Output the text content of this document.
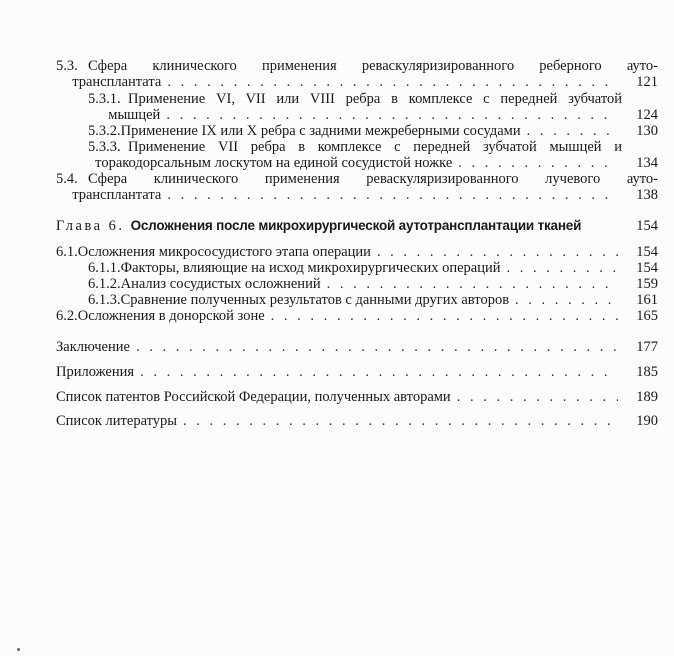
5.3. Сфера клинического применения реваскуляризированного реберного ауто-
трансплантата . . .	121
5.3.1. Применение VI, VII или VIII ребра в комплексе с передней зубчатой
мышцей . . .	124
5.3.2. Применение IX или X ребра с задними межреберными сосудами . . .	130
5.3.3. Применение VII ребра в комплексе с передней зубчатой мышцей и
торакодорсальным лоскутом на единой сосудистой ножке . . .	134
5.4. Сфера клинического применения реваскуляризированного лучевого ауто-
трансплантата . . .	138
Глава 6. Осложнения после микрохирургической аутотрансплантации тканей	154
6.1. Осложнения микрососудистого этапа операции . . .	154
6.1.1. Факторы, влияющие на исход микрохирургических операций . . .	154
6.1.2. Анализ сосудистых осложнений . . .	159
6.1.3. Сравнение полученных результатов с данными других авторов . . .	161
6.2. Осложнения в донорской зоне . . .	165
Заключение . . .	177
Приложения . . .	185
Список патентов Российской Федерации, полученных авторами . . .	189
Список литературы . . .	190
